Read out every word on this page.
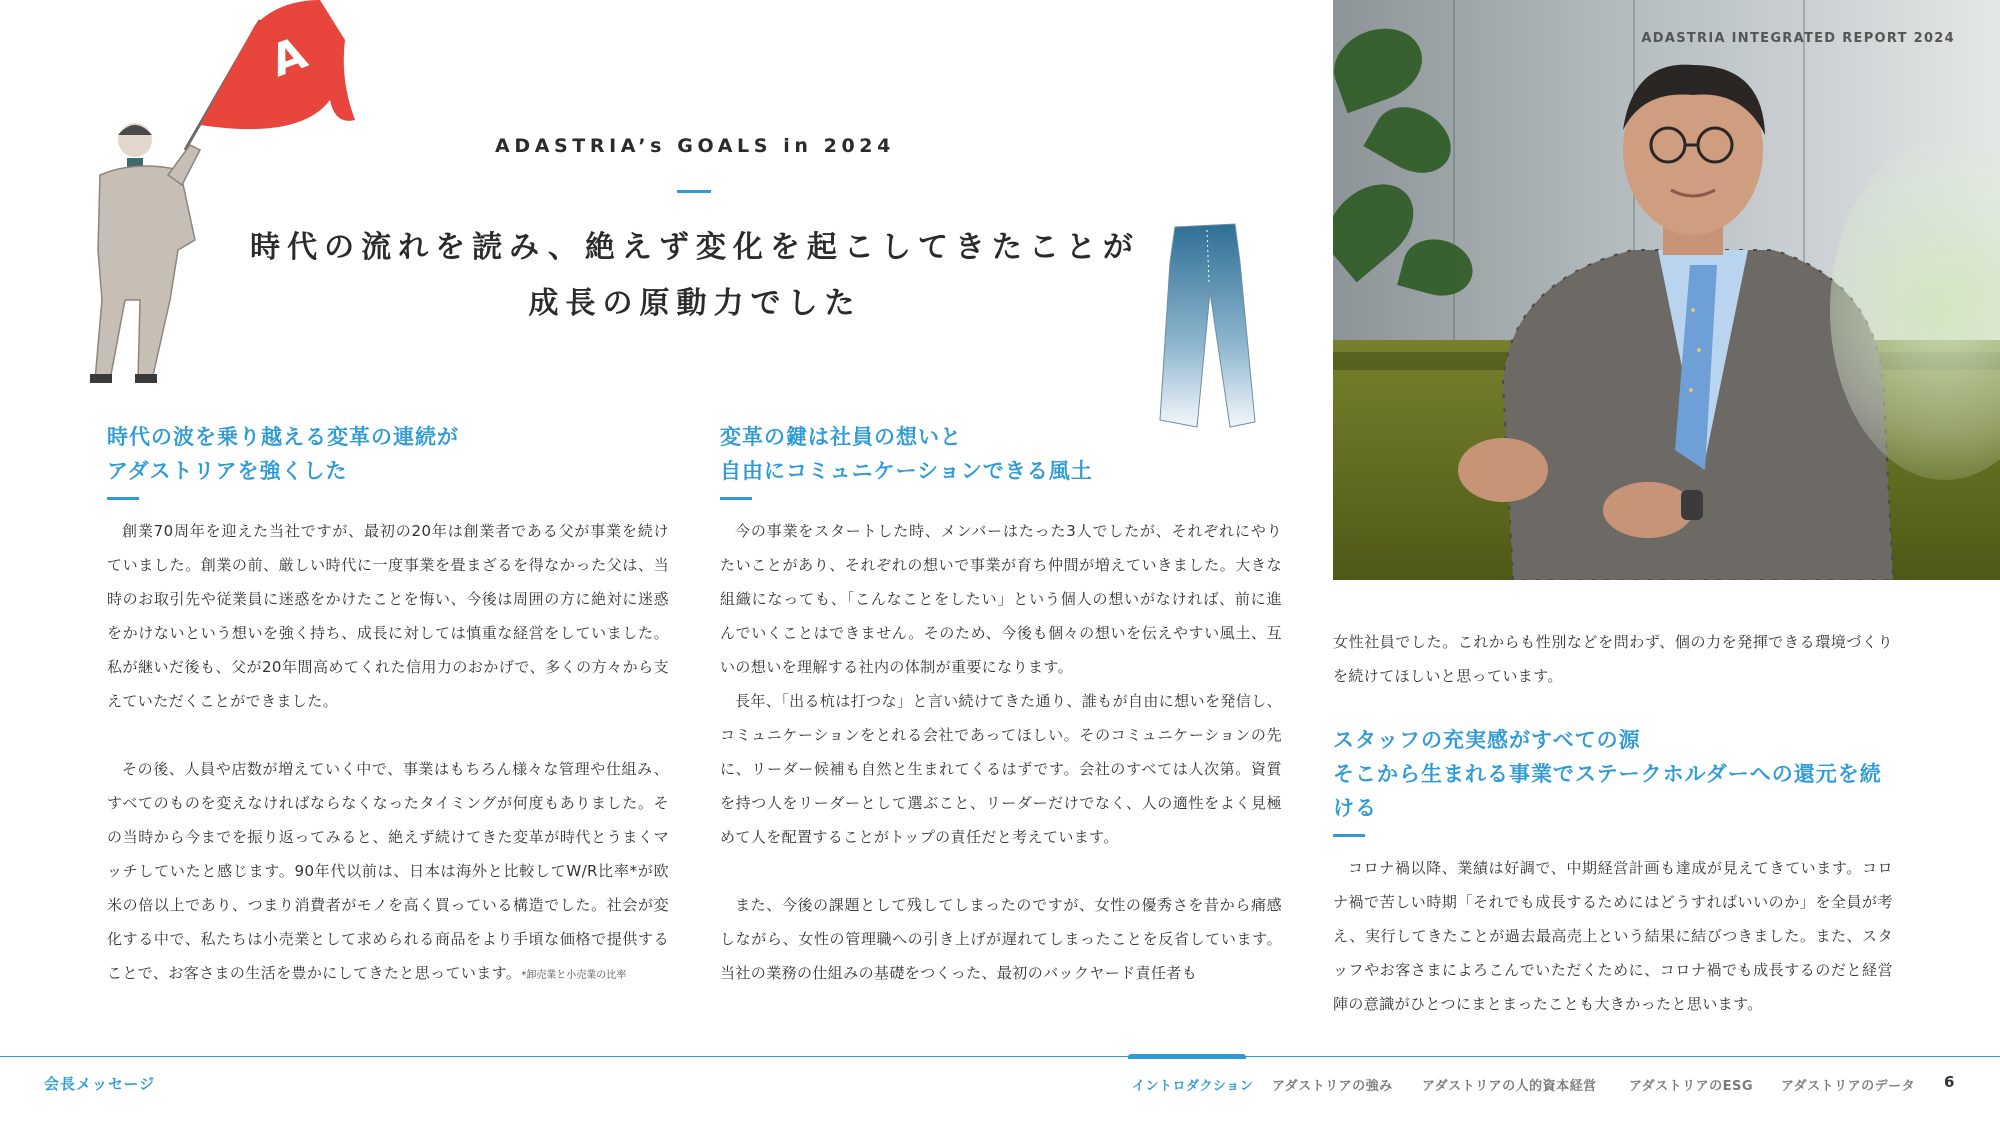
ADASTRIA INTEGRATED REPORT 2024
A
ADASTRIA’s GOALS in 2024
時代の流れを読み、絶えず変化を起こしてきたことが
成長の原動力でした
時代の波を乗り越える変革の連続が
アダストリアを強くした

創業70周年を迎えた当社ですが、最初の20年は創業者である父が事業を続けていました。創業の前、厳しい時代に一度事業を畳まざるを得なかった父は、当時のお取引先や従業員に迷惑をかけたことを悔い、今後は周囲の方に絶対に迷惑をかけないという想いを強く持ち、成長に対しては慎重な経営をしていました。私が継いだ後も、父が20年間高めてくれた信用力のおかげで、多くの方々から支えていただくことができました。

その後、人員や店数が増えていく中で、事業はもちろん様々な管理や仕組み、すべてのものを変えなければならなくなったタイミングが何度もありました。その当時から今までを振り返ってみると、絶えず続けてきた変革が時代とうまくマッチしていたと感じます。90年代以前は、日本は海外と比較してW/R比率*が欧米の倍以上であり、つまり消費者がモノを高く買っている構造でした。社会が変化する中で、私たちは小売業として求められる商品をより手頃な価格で提供することで、お客さまの生活を豊かにしてきたと思っています。*卸売業と小売業の比率

変革の鍵は社員の想いと
自由にコミュニケーションできる風土

今の事業をスタートした時、メンバーはたった3人でしたが、それぞれにやりたいことがあり、それぞれの想いで事業が育ち仲間が増えていきました。大きな組織になっても、「こんなことをしたい」という個人の想いがなければ、前に進んでいくことはできません。そのため、今後も個々の想いを伝えやすい風土、互いの想いを理解する社内の体制が重要になります。

長年、「出る杭は打つな」と言い続けてきた通り、誰もが自由に想いを発信し、コミュニケーションをとれる会社であってほしい。そのコミュニケーションの先に、リーダー候補も自然と生まれてくるはずです。会社のすべては人次第。資質を持つ人をリーダーとして選ぶこと、リーダーだけでなく、人の適性をよく見極めて人を配置することがトップの責任だと考えています。

また、今後の課題として残してしまったのですが、女性の優秀さを昔から痛感しながら、女性の管理職への引き上げが遅れてしまったことを反省しています。当社の業務の仕組みの基礎をつくった、最初のバックヤード責任者も

女性社員でした。これからも性別などを問わず、個の力を発揮できる環境づくりを続けてほしいと思っています。

スタッフの充実感がすべての源
そこから生まれる事業でステークホルダーへの還元を続ける

コロナ禍以降、業績は好調で、中期経営計画も達成が見えてきています。コロナ禍で苦しい時期「それでも成長するためにはどうすればいいのか」を全員が考え、実行してきたことが過去最高売上という結果に結びつきました。また、スタッフやお客さまによろこんでいただくために、コロナ禍でも成長するのだと経営陣の意識がひとつにまとまったことも大きかったと思います。

会長メッセージ	イントロダクション アダストリアの強み アダストリアの人的資本経営 アダストリアのESG アダストリアのデータ 6
